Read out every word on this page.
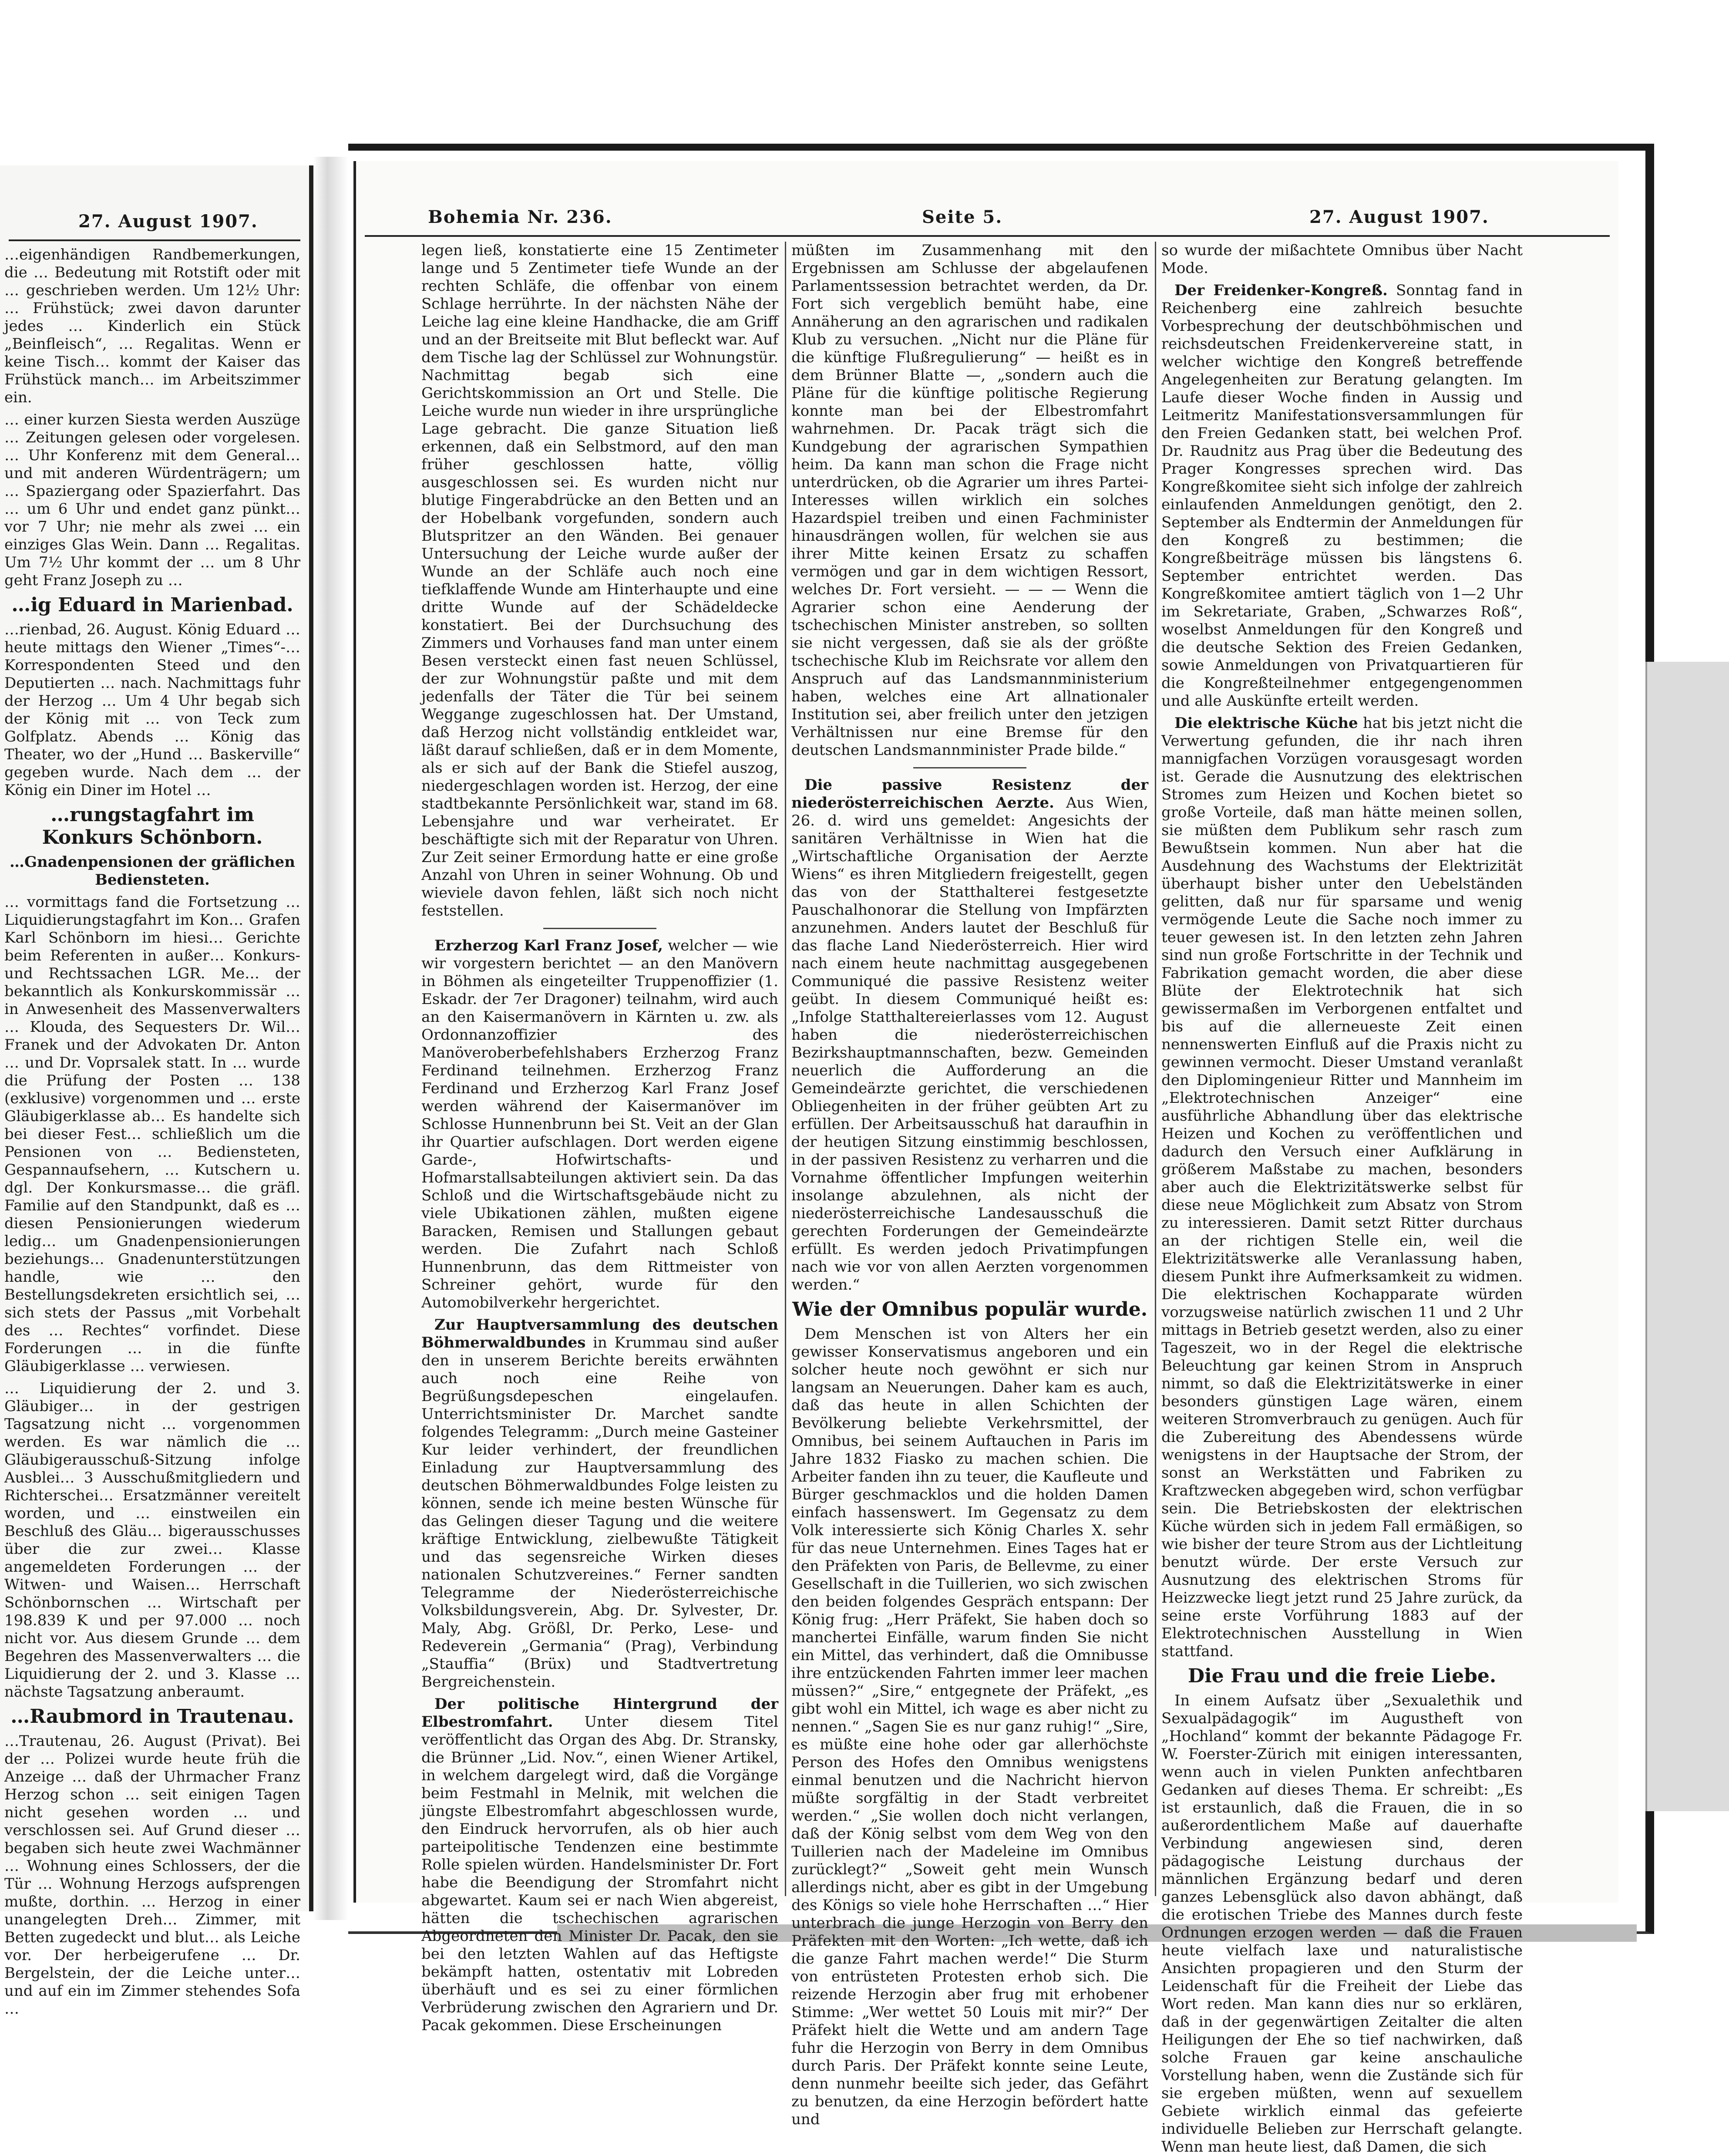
27. August 1907.

…eigenhändigen Randbemerkungen, die … Bedeutung mit Rotstift oder mit … geschrieben werden. Um 12½ Uhr: … Frühstück; zwei davon darunter jedes … Kinderlich ein Stück „Beinfleisch“, … Regalitas. Wenn er keine Tisch… kommt der Kaiser das Frühstück manch… im Arbeitszimmer ein.

… einer kurzen Siesta werden Auszüge … Zeitungen gelesen oder vorgelesen. … Uhr Konferenz mit dem General… und mit anderen Würdenträgern; um … Spaziergang oder Spazierfahrt. Das … um 6 Uhr und endet ganz pünkt… vor 7 Uhr; nie mehr als zwei … ein einziges Glas Wein. Dann … Regalitas. Um 7½ Uhr kommt der … um 8 Uhr geht Franz Joseph zu …

…ig Eduard in Marienbad.

…rienbad, 26. August. König Eduard … heute mittags den Wiener „Times“-… Korrespondenten Steed und den Deputierten … nach. Nachmittags fuhr der Herzog … Um 4 Uhr begab sich der König mit … von Teck zum Golfplatz. Abends … König das Theater, wo der „Hund … Baskerville“ gegeben wurde. Nach dem … der König ein Diner im Hotel …

…rungstagfahrt im Konkurs Schönborn.

…Gnadenpensionen der gräflichen Bediensteten.

… vormittags fand die Fortsetzung … Liquidierungstagfahrt im Kon… Grafen Karl Schönborn im hiesi… Gerichte beim Referenten in außer… Konkurs- und Rechtssachen LGR. Me… der bekanntlich als Konkurskommissär … in Anwesenheit des Massenverwalters … Klouda, des Sequesters Dr. Wil… Franek und der Advokaten Dr. Anton … und Dr. Voprsalek statt. In … wurde die Prüfung der Posten … 138 (exklusive) vorgenommen und … erste Gläubigerklasse ab… Es handelte sich bei dieser Fest… schließlich um die Pensionen von … Bediensteten, Gespannaufsehern, … Kutschern u. dgl. Der Konkursmasse… die gräfl. Familie auf den Standpunkt, daß es … diesen Pensionierungen wiederum ledig… um Gnadenpensionierungen beziehungs… Gnadenunterstützungen handle, wie … den Bestellungsdekreten ersichtlich sei, … sich stets der Passus „mit Vorbehalt des … Rechtes“ vorfindet. Diese Forderungen … in die fünfte Gläubigerklasse … verwiesen.

… Liquidierung der 2. und 3. Gläubiger… in der gestrigen Tagsatzung nicht … vorgenommen werden. Es war nämlich die … Gläubigerausschuß-Sitzung infolge Ausblei… 3 Ausschußmitgliedern und Richterschei… Ersatzmänner vereitelt worden, und … einstweilen ein Beschluß des Gläu… bigerausschusses über die zur zwei… Klasse angemeldeten Forderungen … der Witwen- und Waisen… Herrschaft Schönbornschen … Wirtschaft per 198.839 K und per 97.000 … noch nicht vor. Aus diesem Grunde … dem Begehren des Massenverwalters … die Liquidierung der 2. und 3. Klasse … nächste Tagsatzung anberaumt.

…Raubmord in Trautenau.

…Trautenau, 26. August (Privat). Bei der … Polizei wurde heute früh die Anzeige … daß der Uhrmacher Franz Herzog schon … seit einigen Tagen nicht gesehen worden … und verschlossen sei. Auf Grund dieser … begaben sich heute zwei Wachmänner … Wohnung eines Schlossers, der die Tür … Wohnung Herzogs aufsprengen mußte, dorthin. … Herzog in einer unangelegten Dreh… Zimmer, mit Betten zugedeckt und blut… als Leiche vor. Der herbeigerufene … Dr. Bergelstein, der die Leiche unter… und auf ein im Zimmer stehendes Sofa …

Bohemia Nr. 236.	Seite 5.	27. August 1907.

legen ließ, konstatierte eine 15 Zentimeter lange und 5 Zentimeter tiefe Wunde an der rechten Schläfe, die offenbar von einem Schlage herrührte. In der nächsten Nähe der Leiche lag eine kleine Handhacke, die am Griff und an der Breitseite mit Blut befleckt war. Auf dem Tische lag der Schlüssel zur Wohnungstür. Nachmittag begab sich eine Gerichtskommission an Ort und Stelle. Die Leiche wurde nun wieder in ihre ursprüngliche Lage gebracht. Die ganze Situation ließ erkennen, daß ein Selbstmord, auf den man früher geschlossen hatte, völlig ausgeschlossen sei. Es wurden nicht nur blutige Fingerabdrücke an den Betten und an der Hobelbank vorgefunden, sondern auch Blutspritzer an den Wänden. Bei genauer Untersuchung der Leiche wurde außer der Wunde an der Schläfe auch noch eine tiefklaffende Wunde am Hinterhaupte und eine dritte Wunde auf der Schädeldecke konstatiert. Bei der Durchsuchung des Zimmers und Vorhauses fand man unter einem Besen versteckt einen fast neuen Schlüssel, der zur Wohnungstür paßte und mit dem jedenfalls der Täter die Tür bei seinem Weggange zugeschlossen hat. Der Umstand, daß Herzog nicht vollständig entkleidet war, läßt darauf schließen, daß er in dem Momente, als er sich auf der Bank die Stiefel auszog, niedergeschlagen worden ist. Herzog, der eine stadtbekannte Persönlichkeit war, stand im 68. Lebensjahre und war verheiratet. Er beschäftigte sich mit der Reparatur von Uhren. Zur Zeit seiner Ermordung hatte er eine große Anzahl von Uhren in seiner Wohnung. Ob und wieviele davon fehlen, läßt sich noch nicht feststellen.

Erzherzog Karl Franz Josef, welcher — wie wir vorgestern berichtet — an den Manövern in Böhmen als eingeteilter Truppenoffizier (1. Eskadr. der 7er Dragoner) teilnahm, wird auch an den Kaisermanövern in Kärnten u. zw. als Ordonnanzoffizier des Manöveroberbefehlshabers Erzherzog Franz Ferdinand teilnehmen. Erzherzog Franz Ferdinand und Erzherzog Karl Franz Josef werden während der Kaisermanöver im Schlosse Hunnenbrunn bei St. Veit an der Glan ihr Quartier aufschlagen. Dort werden eigene Garde-, Hofwirtschafts- und Hofmarstallsabteilungen aktiviert sein. Da das Schloß und die Wirtschaftsgebäude nicht zu viele Ubikationen zählen, mußten eigene Baracken, Remisen und Stallungen gebaut werden. Die Zufahrt nach Schloß Hunnenbrunn, das dem Rittmeister von Schreiner gehört, wurde für den Automobilverkehr hergerichtet.

Zur Hauptversammlung des deutschen Böhmerwaldbundes in Krummau sind außer den in unserem Berichte bereits erwähnten auch noch eine Reihe von Begrüßungsdepeschen eingelaufen. Unterrichtsminister Dr. Marchet sandte folgendes Telegramm: „Durch meine Gasteiner Kur leider verhindert, der freundlichen Einladung zur Hauptversammlung des deutschen Böhmerwaldbundes Folge leisten zu können, sende ich meine besten Wünsche für das Gelingen dieser Tagung und die weitere kräftige Entwicklung, zielbewußte Tätigkeit und das segensreiche Wirken dieses nationalen Schutzvereines.“ Ferner sandten Telegramme der Niederösterreichische Volksbildungsverein, Abg. Dr. Sylvester, Dr. Maly, Abg. Größl, Dr. Perko, Lese- und Redeverein „Germania“ (Prag), Verbindung „Stauffia“ (Brüx) und Stadtvertretung Bergreichenstein.

Der politische Hintergrund der Elbestromfahrt. Unter diesem Titel veröffentlicht das Organ des Abg. Dr. Stransky, die Brünner „Lid. Nov.“, einen Wiener Artikel, in welchem dargelegt wird, daß die Vorgänge beim Festmahl in Melnik, mit welchen die jüngste Elbestromfahrt abgeschlossen wurde, den Eindruck hervorrufen, als ob hier auch parteipolitische Tendenzen eine bestimmte Rolle spielen würden. Handelsminister Dr. Fort habe die Beendigung der Stromfahrt nicht abgewartet. Kaum sei er nach Wien abgereist, hätten die tschechischen agrarischen Abgeordneten den Minister Dr. Pacak, den sie bei den letzten Wahlen auf das Heftigste bekämpft hatten, ostentativ mit Lobreden überhäuft und es sei zu einer förmlichen Verbrüderung zwischen den Agrariern und Dr. Pacak gekommen. Diese Erscheinungen

müßten im Zusammenhang mit den Ergebnissen am Schlusse der abgelaufenen Parlamentssession betrachtet werden, da Dr. Fort sich vergeblich bemüht habe, eine Annäherung an den agrarischen und radikalen Klub zu versuchen. „Nicht nur die Pläne für die künftige Flußregulierung“ — heißt es in dem Brünner Blatte —, „sondern auch die Pläne für die künftige politische Regierung konnte man bei der Elbestromfahrt wahrnehmen. Dr. Pacak trägt sich die Kundgebung der agrarischen Sympathien heim. Da kann man schon die Frage nicht unterdrücken, ob die Agrarier um ihres Partei-Interesses willen wirklich ein solches Hazardspiel treiben und einen Fachminister hinausdrängen wollen, für welchen sie aus ihrer Mitte keinen Ersatz zu schaffen vermögen und gar in dem wichtigen Ressort, welches Dr. Fort versieht. — — — Wenn die Agrarier schon eine Aenderung der tschechischen Minister anstreben, so sollten sie nicht vergessen, daß sie als der größte tschechische Klub im Reichsrate vor allem den Anspruch auf das Landsmannministerium haben, welches eine Art allnationaler Institution sei, aber freilich unter den jetzigen Verhältnissen nur eine Bremse für den deutschen Landsmannminister Prade bilde.“

Die passive Resistenz der niederösterreichischen Aerzte. Aus Wien, 26. d. wird uns gemeldet: Angesichts der sanitären Verhältnisse in Wien hat die „Wirtschaftliche Organisation der Aerzte Wiens“ es ihren Mitgliedern freigestellt, gegen das von der Statthalterei festgesetzte Pauschalhonorar die Stellung von Impfärzten anzunehmen. Anders lautet der Beschluß für das flache Land Niederösterreich. Hier wird nach einem heute nachmittag ausgegebenen Communiqué die passive Resistenz weiter geübt. In diesem Communiqué heißt es: „Infolge Statthaltereierlasses vom 12. August haben die niederösterreichischen Bezirkshauptmannschaften, bezw. Gemeinden neuerlich die Aufforderung an die Gemeindeärzte gerichtet, die verschiedenen Obliegenheiten in der früher geübten Art zu erfüllen. Der Arbeitsausschuß hat daraufhin in der heutigen Sitzung einstimmig beschlossen, in der passiven Resistenz zu verharren und die Vornahme öffentlicher Impfungen weiterhin insolange abzulehnen, als nicht der niederösterreichische Landesausschuß die gerechten Forderungen der Gemeindeärzte erfüllt. Es werden jedoch Privatimpfungen nach wie vor von allen Aerzten vorgenommen werden.“

Wie der Omnibus populär wurde.

Dem Menschen ist von Alters her ein gewisser Konservatismus angeboren und ein solcher heute noch gewöhnt er sich nur langsam an Neuerungen. Daher kam es auch, daß das heute in allen Schichten der Bevölkerung beliebte Verkehrsmittel, der Omnibus, bei seinem Auftauchen in Paris im Jahre 1832 Fiasko zu machen schien. Die Arbeiter fanden ihn zu teuer, die Kaufleute und Bürger geschmacklos und die holden Damen einfach hassenswert. Im Gegensatz zu dem Volk interessierte sich König Charles X. sehr für das neue Unternehmen. Eines Tages hat er den Präfekten von Paris, de Bellevme, zu einer Gesellschaft in die Tuillerien, wo sich zwischen den beiden folgendes Gespräch entspann: Der König frug: „Herr Präfekt, Sie haben doch so manchertei Einfälle, warum finden Sie nicht ein Mittel, das verhindert, daß die Omnibusse ihre entzückenden Fahrten immer leer machen müssen?“ „Sire,“ entgegnete der Präfekt, „es gibt wohl ein Mittel, ich wage es aber nicht zu nennen.“ „Sagen Sie es nur ganz ruhig!“ „Sire, es müßte eine hohe oder gar allerhöchste Person des Hofes den Omnibus wenigstens einmal benutzen und die Nachricht hiervon müßte sorgfältig in der Stadt verbreitet werden.“ „Sie wollen doch nicht verlangen, daß der König selbst vom dem Weg von den Tuillerien nach der Madeleine im Omnibus zurücklegt?“ „Soweit geht mein Wunsch allerdings nicht, aber es gibt in der Umgebung des Königs so viele hohe Herrschaften …“ Hier unterbrach die junge Herzogin von Berry den Präfekten mit den Worten: „Ich wette, daß ich die ganze Fahrt machen werde!“ Die Sturm von entrüsteten Protesten erhob sich. Die reizende Herzogin aber frug mit erhobener Stimme: „Wer wettet 50 Louis mit mir?“ Der Präfekt hielt die Wette und am andern Tage fuhr die Herzogin von Berry in dem Omnibus durch Paris. Der Präfekt konnte seine Leute, denn nunmehr beeilte sich jeder, das Gefährt zu benutzen, da eine Herzogin befördert hatte und

so wurde der mißachtete Omnibus über Nacht Mode.

Der Freidenker-Kongreß. Sonntag fand in Reichenberg eine zahlreich besuchte Vorbesprechung der deutschböhmischen und reichsdeutschen Freidenkervereine statt, in welcher wichtige den Kongreß betreffende Angelegenheiten zur Beratung gelangten. Im Laufe dieser Woche finden in Aussig und Leitmeritz Manifestationsversammlungen für den Freien Gedanken statt, bei welchen Prof. Dr. Raudnitz aus Prag über die Bedeutung des Prager Kongresses sprechen wird. Das Kongreßkomitee sieht sich infolge der zahlreich einlaufenden Anmeldungen genötigt, den 2. September als Endtermin der Anmeldungen für den Kongreß zu bestimmen; die Kongreßbeiträge müssen bis längstens 6. September entrichtet werden. Das Kongreßkomitee amtiert täglich von 1—2 Uhr im Sekretariate, Graben, „Schwarzes Roß“, woselbst Anmeldungen für den Kongreß und die deutsche Sektion des Freien Gedanken, sowie Anmeldungen von Privatquartieren für die Kongreßteilnehmer entgegengenommen und alle Auskünfte erteilt werden.

Die elektrische Küche hat bis jetzt nicht die Verwertung gefunden, die ihr nach ihren mannigfachen Vorzügen vorausgesagt worden ist. Gerade die Ausnutzung des elektrischen Stromes zum Heizen und Kochen bietet so große Vorteile, daß man hätte meinen sollen, sie müßten dem Publikum sehr rasch zum Bewußtsein kommen. Nun aber hat die Ausdehnung des Wachstums der Elektrizität überhaupt bisher unter den Uebelständen gelitten, daß nur für sparsame und wenig vermögende Leute die Sache noch immer zu teuer gewesen ist. In den letzten zehn Jahren sind nun große Fortschritte in der Technik und Fabrikation gemacht worden, die aber diese Blüte der Elektrotechnik hat sich gewissermaßen im Verborgenen entfaltet und bis auf die allerneueste Zeit einen nennenswerten Einfluß auf die Praxis nicht zu gewinnen vermocht. Dieser Umstand veranlaßt den Diplomingenieur Ritter und Mannheim im „Elektrotechnischen Anzeiger“ eine ausführliche Abhandlung über das elektrische Heizen und Kochen zu veröffentlichen und dadurch den Versuch einer Aufklärung in größerem Maßstabe zu machen, besonders aber auch die Elektrizitätswerke selbst für diese neue Möglichkeit zum Absatz von Strom zu interessieren. Damit setzt Ritter durchaus an der richtigen Stelle ein, weil die Elektrizitätswerke alle Veranlassung haben, diesem Punkt ihre Aufmerksamkeit zu widmen. Die elektrischen Kochapparate würden vorzugsweise natürlich zwischen 11 und 2 Uhr mittags in Betrieb gesetzt werden, also zu einer Tageszeit, wo in der Regel die elektrische Beleuchtung gar keinen Strom in Anspruch nimmt, so daß die Elektrizitätswerke in einer besonders günstigen Lage wären, einem weiteren Stromverbrauch zu genügen. Auch für die Zubereitung des Abendessens würde wenigstens in der Hauptsache der Strom, der sonst an Werkstätten und Fabriken zu Kraftzwecken abgegeben wird, schon verfügbar sein. Die Betriebskosten der elektrischen Küche würden sich in jedem Fall ermäßigen, so wie bisher der teure Strom aus der Lichtleitung benutzt würde. Der erste Versuch zur Ausnutzung des elektrischen Stroms für Heizzwecke liegt jetzt rund 25 Jahre zurück, da seine erste Vorführung 1883 auf der Elektrotechnischen Ausstellung in Wien stattfand.

Die Frau und die freie Liebe.

In einem Aufsatz über „Sexualethik und Sexualpädagogik“ im Augustheft von „Hochland“ kommt der bekannte Pädagoge Fr. W. Foerster-Zürich mit einigen interessanten, wenn auch in vielen Punkten anfechtbaren Gedanken auf dieses Thema. Er schreibt: „Es ist erstaunlich, daß die Frauen, die in so außerordentlichem Maße auf dauerhafte Verbindung angewiesen sind, deren pädagogische Leistung durchaus der männlichen Ergänzung bedarf und deren ganzes Lebensglück also davon abhängt, daß die erotischen Triebe des Mannes durch feste Ordnungen erzogen werden — daß die Frauen heute vielfach laxe und naturalistische Ansichten propagieren und den Sturm der Leidenschaft für die Freiheit der Liebe das Wort reden. Man kann dies nur so erklären, daß in der gegenwärtigen Zeitalter die alten Heiligungen der Ehe so tief nachwirken, daß solche Frauen gar keine anschauliche Vorstellung haben, wenn die Zustände sich für sie ergeben müßten, wenn auf sexuellem Gebiete wirklich einmal das gefeierte individuelle Belieben zur Herrschaft gelangte. Wenn man heute liest, daß Damen, die sich
